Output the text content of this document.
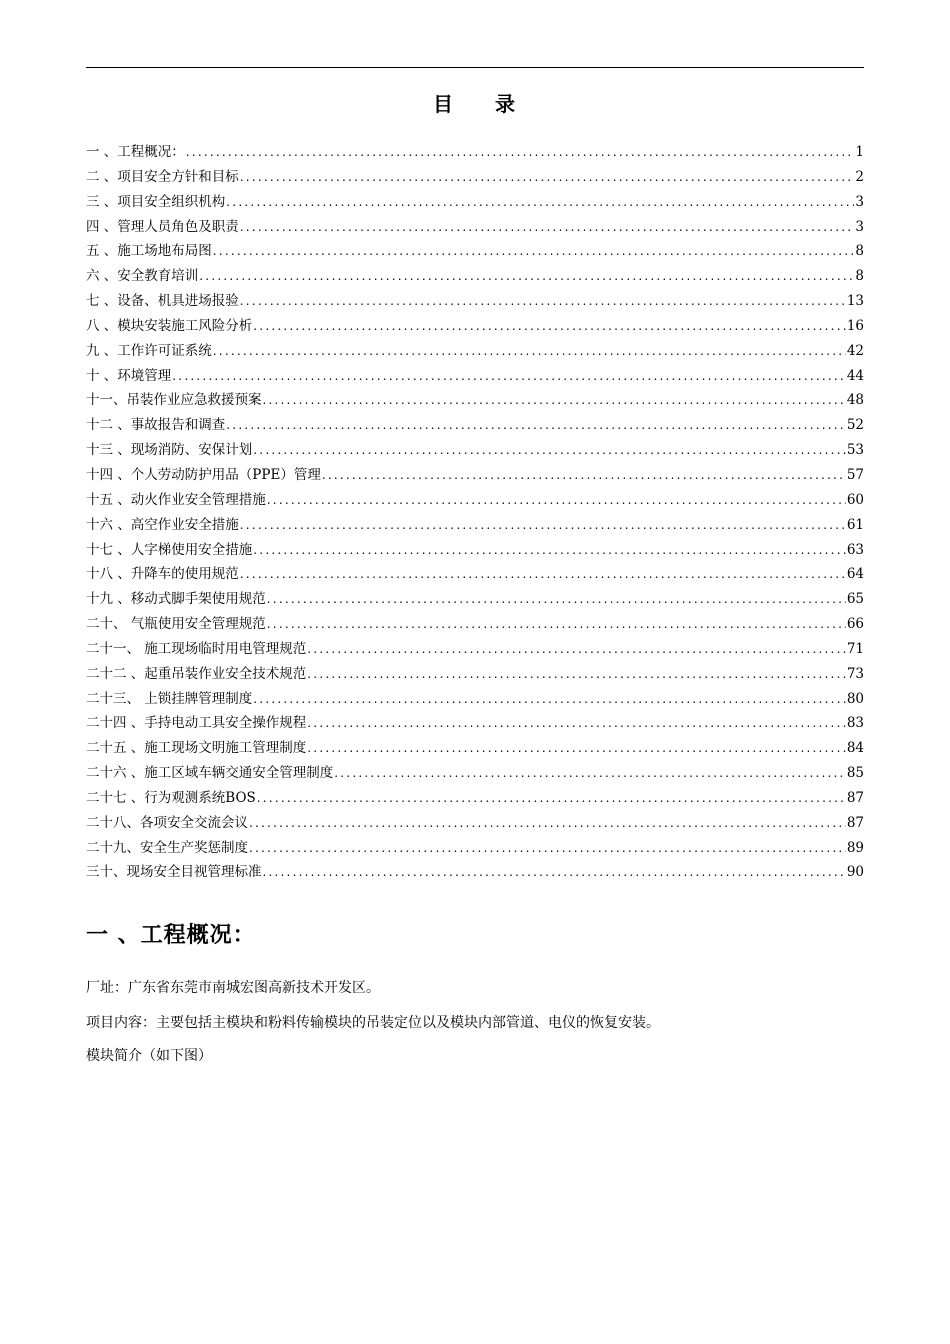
目 录
一 、工程概况： .....	1
二 、项目安全方针和目标 .....	2
三 、项目安全组织机构 .....	3
四 、管理人员角色及职责 .....	3
五 、施工场地布局图 .....	8
六 、安全教育培训 .....	8
七 、设备、机具进场报验 .....	13
八 、模块安装施工风险分析 .....	16
九 、工作许可证系统 .....	42
十 、环境管理 .....	44
十一、吊装作业应急救援预案 .....	48
十二 、事故报告和调查 .....	52
十三 、现场消防、安保计划 .....	53
十四 、个人劳动防护用品（PPE）管理 .....	57
十五 、动火作业安全管理措施 .....	60
十六 、高空作业安全措施 .....	61
十七 、人字梯使用安全措施 .....	63
十八 、升降车的使用规范 .....	64
十九 、移动式脚手架使用规范 .....	65
二十、 气瓶使用安全管理规范 .....	66
二十一、 施工现场临时用电管理规范 .....	71
二十二 、起重吊装作业安全技术规范 .....	73
二十三、 上锁挂牌管理制度 .....	80
二十四 、手持电动工具安全操作规程 .....	83
二十五 、施工现场文明施工管理制度 .....	84
二十六 、施工区域车辆交通安全管理制度 .....	85
二十七 、行为观测系统BOS .....	87
二十八、各项安全交流会议 .....	87
二十九、安全生产奖惩制度 .....	89
三十、现场安全目视管理标准 .....	90
一 、工程概况：
厂址：广东省东莞市南城宏图高新技术开发区。
项目内容：主要包括主模块和粉料传输模块的吊装定位以及模块内部管道、电仪的恢复安装。
模块简介（如下图）
